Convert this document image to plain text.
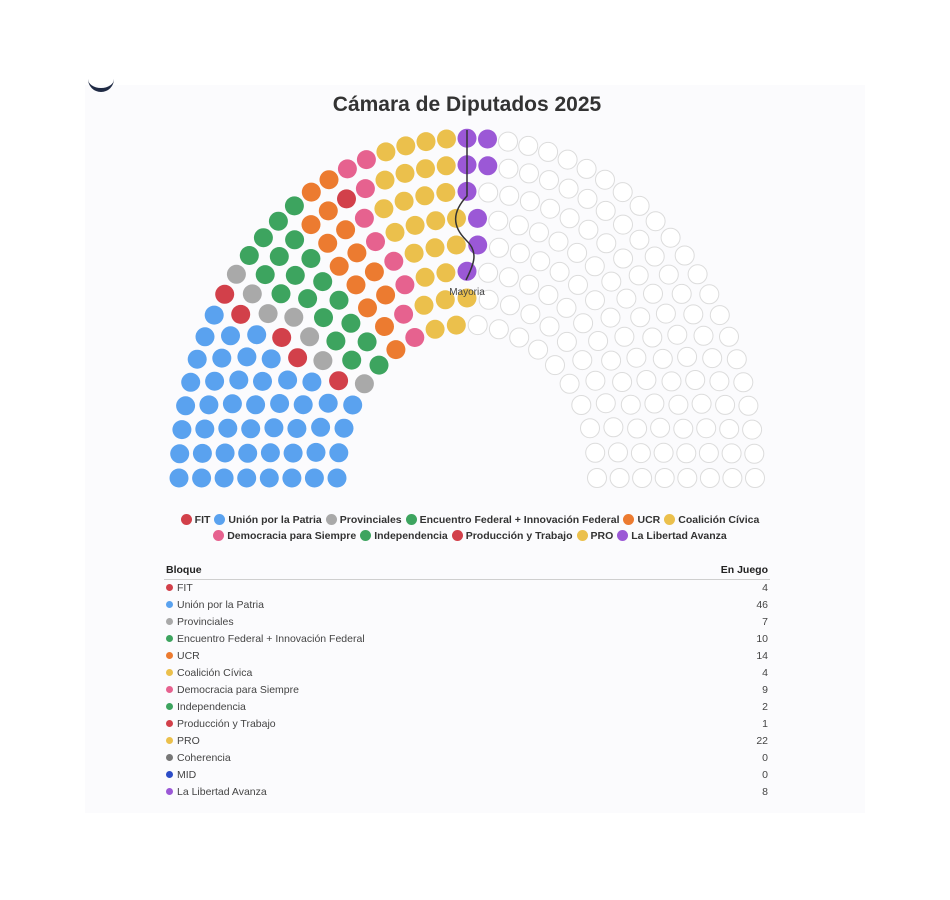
Cámara de Diputados 2025
Mayoria
FIT Unión por la Patria Provinciales Encuentro Federal + Innovación Federal UCR Coalición Cívica
Democracia para Siempre Independencia Producción y Trabajo PRO La Libertad Avanza
Bloque	En Juego
FIT	4
Unión por la Patria	46
Provinciales	7
Encuentro Federal + Innovación Federal	10
UCR	14
Coalición Cívica	4
Democracia para Siempre	9
Independencia	2
Producción y Trabajo	1
PRO	22
Coherencia	0
MID	0
La Libertad Avanza	8
